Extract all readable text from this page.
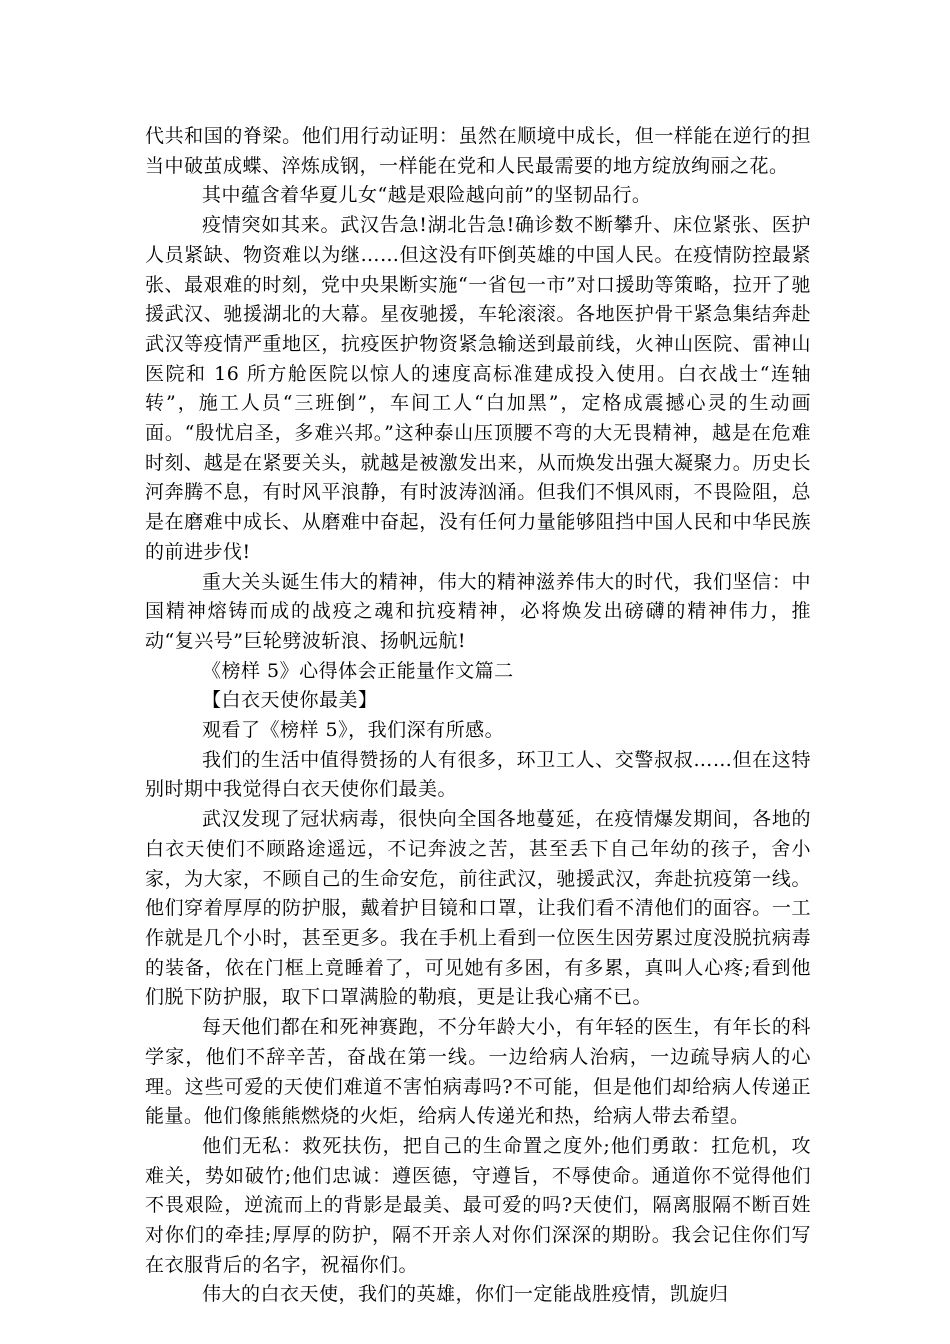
代共和国的脊梁。他们用行动证明：虽然在顺境中成长，但一样能在逆行的担当中破茧成蝶、淬炼成钢，一样能在党和人民最需要的地方绽放绚丽之花。

其中蕴含着华夏儿女“越是艰险越向前”的坚韧品行。

疫情突如其来。武汉告急!湖北告急!确诊数不断攀升、床位紧张、医护人员紧缺、物资难以为继……但这没有吓倒英雄的中国人民。在疫情防控最紧张、最艰难的时刻，党中央果断实施“一省包一市”对口援助等策略，拉开了驰援武汉、驰援湖北的大幕。星夜驰援，车轮滚滚。各地医护骨干紧急集结奔赴武汉等疫情严重地区，抗疫医护物资紧急输送到最前线，火神山医院、雷神山医院和 16 所方舱医院以惊人的速度高标准建成投入使用。白衣战士“连轴转”，施工人员“三班倒”，车间工人“白加黑”，定格成震撼心灵的生动画面。“殷忧启圣，多难兴邦。”这种泰山压顶腰不弯的大无畏精神，越是在危难时刻、越是在紧要关头，就越是被激发出来，从而焕发出强大凝聚力。历史长河奔腾不息，有时风平浪静，有时波涛汹涌。但我们不惧风雨，不畏险阻，总是在磨难中成长、从磨难中奋起，没有任何力量能够阻挡中国人民和中华民族的前进步伐!

重大关头诞生伟大的精神，伟大的精神滋养伟大的时代，我们坚信：中国精神熔铸而成的战疫之魂和抗疫精神，必将焕发出磅礴的精神伟力，推动“复兴号”巨轮劈波斩浪、扬帆远航!

《榜样 5》心得体会正能量作文篇二

【白衣天使你最美】

观看了《榜样 5》，我们深有所感。

我们的生活中值得赞扬的人有很多，环卫工人、交警叔叔……但在这特别时期中我觉得白衣天使你们最美。

武汉发现了冠状病毒，很快向全国各地蔓延，在疫情爆发期间，各地的白衣天使们不顾路途遥远，不记奔波之苦，甚至丢下自己年幼的孩子，舍小家，为大家，不顾自己的生命安危，前往武汉，驰援武汉，奔赴抗疫第一线。他们穿着厚厚的防护服，戴着护目镜和口罩，让我们看不清他们的面容。一工作就是几个小时，甚至更多。我在手机上看到一位医生因劳累过度没脱抗病毒的装备，依在门框上竟睡着了，可见她有多困，有多累，真叫人心疼;看到他们脱下防护服，取下口罩满脸的勒痕，更是让我心痛不已。

每天他们都在和死神赛跑，不分年龄大小，有年轻的医生，有年长的科学家，他们不辞辛苦，奋战在第一线。一边给病人治病，一边疏导病人的心理。这些可爱的天使们难道不害怕病毒吗?不可能，但是他们却给病人传递正能量。他们像熊熊燃烧的火炬，给病人传递光和热，给病人带去希望。

他们无私：救死扶伤，把自己的生命置之度外;他们勇敢：扛危机，攻难关，势如破竹;他们忠诚：遵医德，守遵旨，不辱使命。通道你不觉得他们不畏艰险，逆流而上的背影是最美、最可爱的吗?天使们，隔离服隔不断百姓对你们的牵挂;厚厚的防护，隔不开亲人对你们深深的期盼。我会记住你们写在衣服背后的名字，祝福你们。

伟大的白衣天使，我们的英雄，你们一定能战胜疫情，凯旋归
